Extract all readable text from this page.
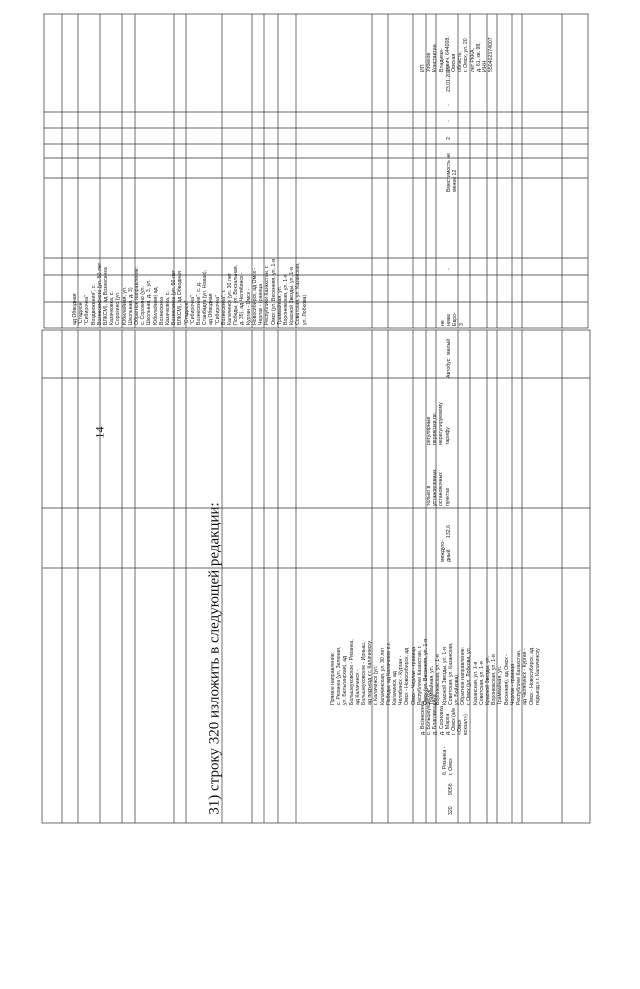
14
31) строку 320 изложить в следующей редакции:
ад Обводная
"Стадион
"Сибирочка"
Воздвижения", с.
Вознесенского (ул. 50 лет
ВЛКСМ), ад Вознесенка
Казачковка, с.
Сорокино (ул.
Юбилейная, ул.
Школьная, д. 3)
Обратное направление:
с. Сорокино (ул.
Школьная, д. 3, ул.
Юбилейная) ад
Вознесенка
Казачковка, с.
Вознесенка (ул. 50 лет
ВЛКСМ), ад Обводная
"Стадион"
"Сибирочка"
Вознесение", с. д.
Станбадга (ул. Новая),
ад Обводная
"Сибирочка"
Вознесенка", г.
Калачинск (ул. 30 лет
Победы, ул. Вокзальная,
д. 35), ад Челябинск -
Курган - Омск -
Новосибирск, ад Омск -
Черлак - граница
Республики Казахстан, г.
Омск (ул. Весенняя, ул. 1-я
Трамвайная, ул.
Воронежская, ул. 1-я
Красной Звезды, ул. 1-я
Советская, ул. Казанская,
ул. Лобкова)
Вместимость не
менее 12
-
2
-
-
23.01.2015
ИП
Узбеков
Константин
Владими-
рович, 644008,
Омская
область,
г. Омск, ул. 20
лет РККА,
д. 61, кв. 98,
ИНН
550402374007
320
905б
б. Рязанка -
г. Омск
д. Вознесенка
с. Большеуковское
д. Благовещенка
д. Сосновка
д. Марка
г. Омск (а/в
«Омск
вокзал»)
Прямое направление:
с. Рязанка (ул. Зеленая,
ул. Бельгинская), ад
Большеуковское - Рязанка,
ад Калачинск -
Большеуковское - Ирныш,
ад подъезд к г. Калачинску
г. Калачинск (ул.
Калачинская, ул. 30 лет
Победы, ад Калачинск е.г.
Калачинск, ад
Челябинск - Курган -
Омск - Новосибирск, ад
Омск - Черлак - граница
Республики Казахстан, г.
Омск (ул. Весенняя, ул. 1-я
Трамвайная, ул.
Воронежская, ул. 1-я
Красной Звезды, ул. 1-я
Советская, ул. Казанская,
ул. Бойкова)
Обратное направление:
г. Омск (ул. Лобкова, ул.
Казанская, ул. 1-я
Советская, ул. 1-я
Красной Звезды, ул.
Воронежская, ул. 1-я
Трамвайная, ул.
Весенняя), ад Омск -
Черлак - граница
Республики Казахстан,
ад Челябинск - Курган -
Омск - Новосибирск, ад
подъезд к г. Калачинску
междуго-
дный
132,6
только в
установленных
остановочных
пунктах
регулярные
перевозки по
нерегулируемому
тарифу
Автобус
малый
не
ниже
Евро-
3
